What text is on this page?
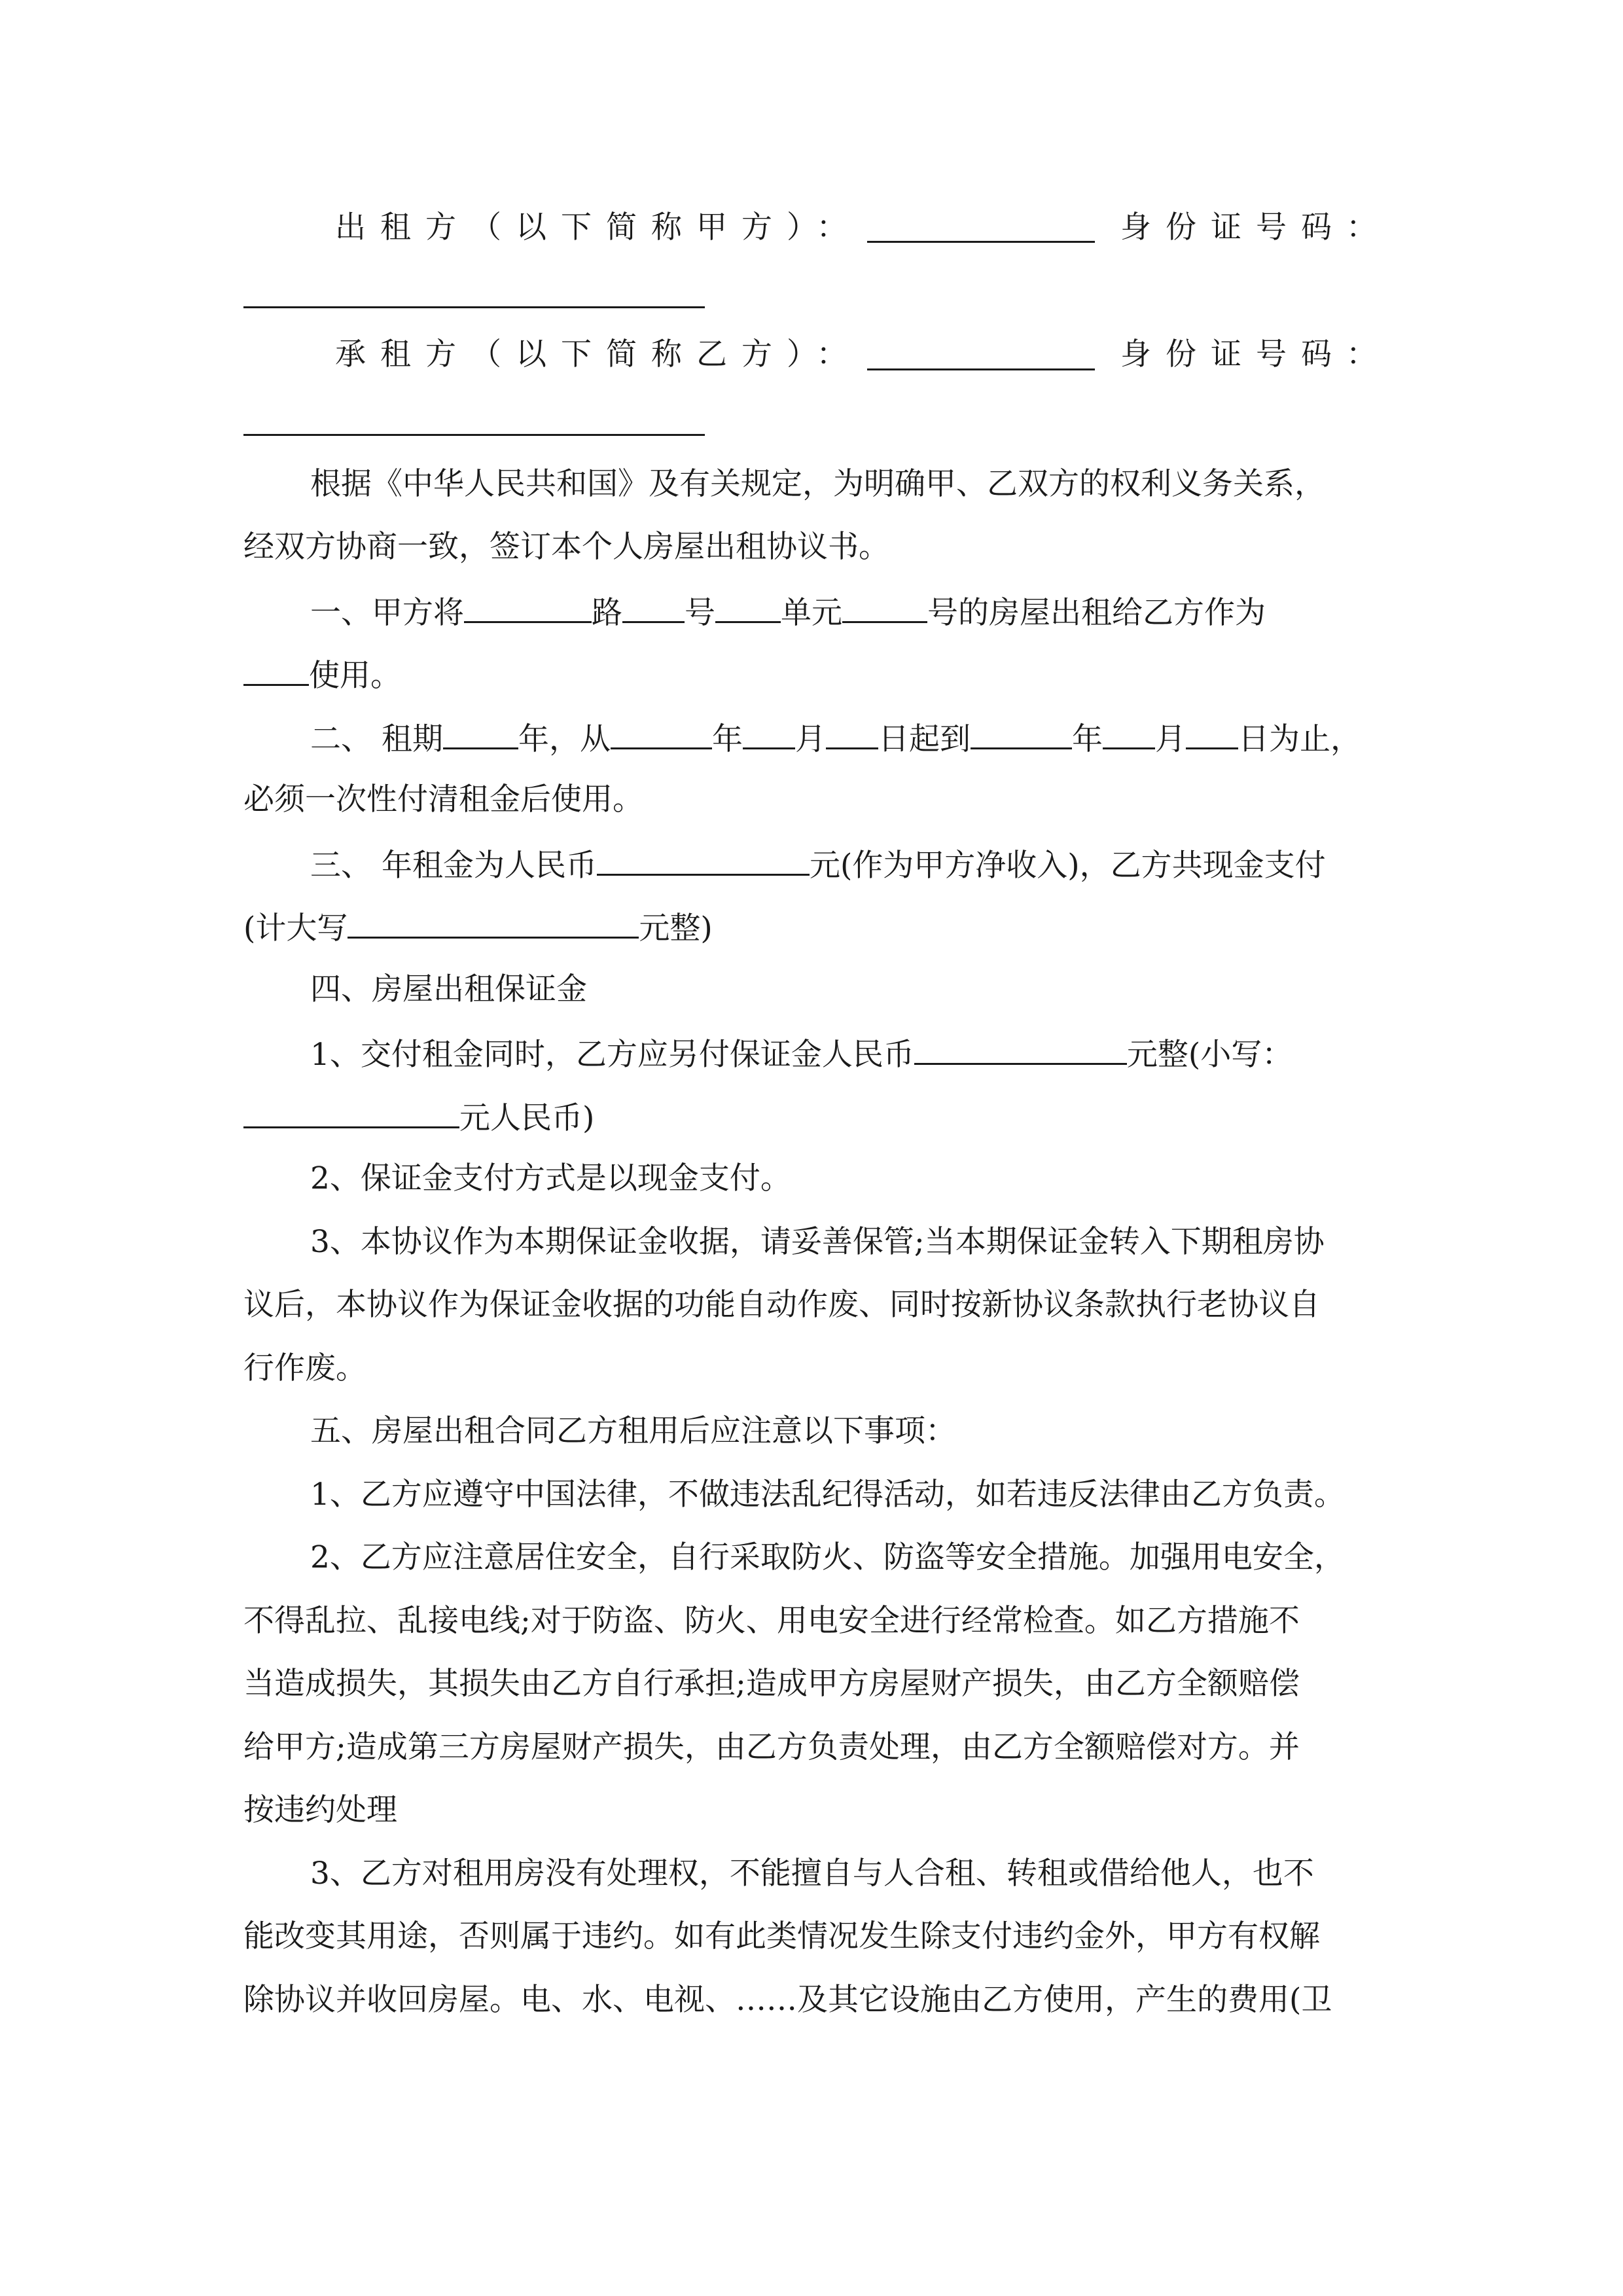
出租方（以下简称甲方）：	身份证号码：
承租方（以下简称乙方）：	身份证号码：
根据《中华人民共和国》及有关规定，为明确甲、乙双方的权利义务关系，
经双方协商一致，签订本个人房屋出租协议书。
一、甲方将	路 号 单元	号的房屋出租给乙方作为
使用。
二、 租期 年，从	年 月 日起到	年 月 日为止，
必须一次性付清租金后使用。
三、 年租金为人民币	元(作为甲方净收入)，乙方共现金支付
(计大写	元整)
四、房屋出租保证金
1、交付租金同时，乙方应另付保证金人民币	元整(小写：
元人民币)
2、保证金支付方式是以现金支付。
3、本协议作为本期保证金收据，请妥善保管;当本期保证金转入下期租房协
议后，本协议作为保证金收据的功能自动作废、同时按新协议条款执行老协议自
行作废。
五、房屋出租合同乙方租用后应注意以下事项：
1、乙方应遵守中国法律，不做违法乱纪得活动，如若违反法律由乙方负责。
2、乙方应注意居住安全，自行采取防火、防盗等安全措施。加强用电安全，
不得乱拉、乱接电线;对于防盗、防火、用电安全进行经常检查。如乙方措施不
当造成损失，其损失由乙方自行承担;造成甲方房屋财产损失，由乙方全额赔偿
给甲方;造成第三方房屋财产损失，由乙方负责处理，由乙方全额赔偿对方。并
按违约处理
3、乙方对租用房没有处理权，不能擅自与人合租、转租或借给他人，也不
能改变其用途，否则属于违约。如有此类情况发生除支付违约金外，甲方有权解
除协议并收回房屋。电、水、电视、……及其它设施由乙方使用，产生的费用(卫
